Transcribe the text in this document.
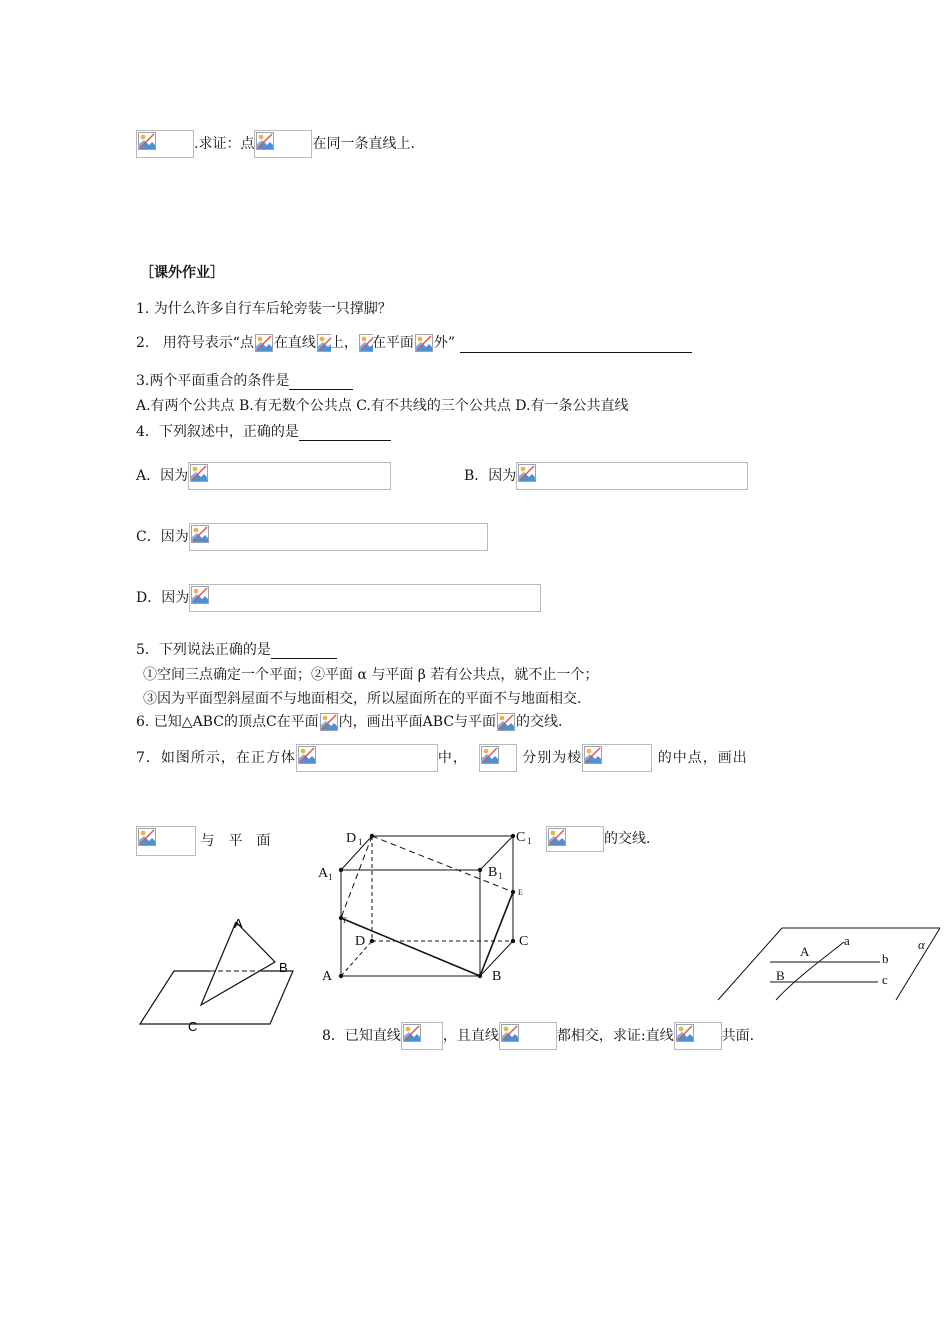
.求证：点	在同一条直线上.
［课外作业］
1. 为什么许多自行车后轮旁装一只撑脚？
2. 用符号表示“点 在直线 上， 在平面 外”
3.两个平面重合的条件是
A.有两个公共点 B.有无数个公共点 C.有不共线的三个公共点 D.有一条公共直线
4．下列叙述中，正确的是
A．因为	B．因为
C．因为
D．因为
5．下列说法正确的是
①空间三点确定一个平面；②平面 α 与平面 β 若有公共点，就不止一个；
③因为平面型斜屋面不与地面相交，所以屋面所在的平面不与地面相交.
6. 已知△ABC的顶点C在平面 内，画出平面ABC与平面 的交线.
7．如图所示，在正方体	中，	分别为棱	的中点，画出
与　平　面	的交线.
8．已知直线	，且直线	都相交，求证:直线	共面.
A
B
C
D 1	C 1
A 1	B 1
E
F
D	C
A	B
A
a
b
B	c
α
